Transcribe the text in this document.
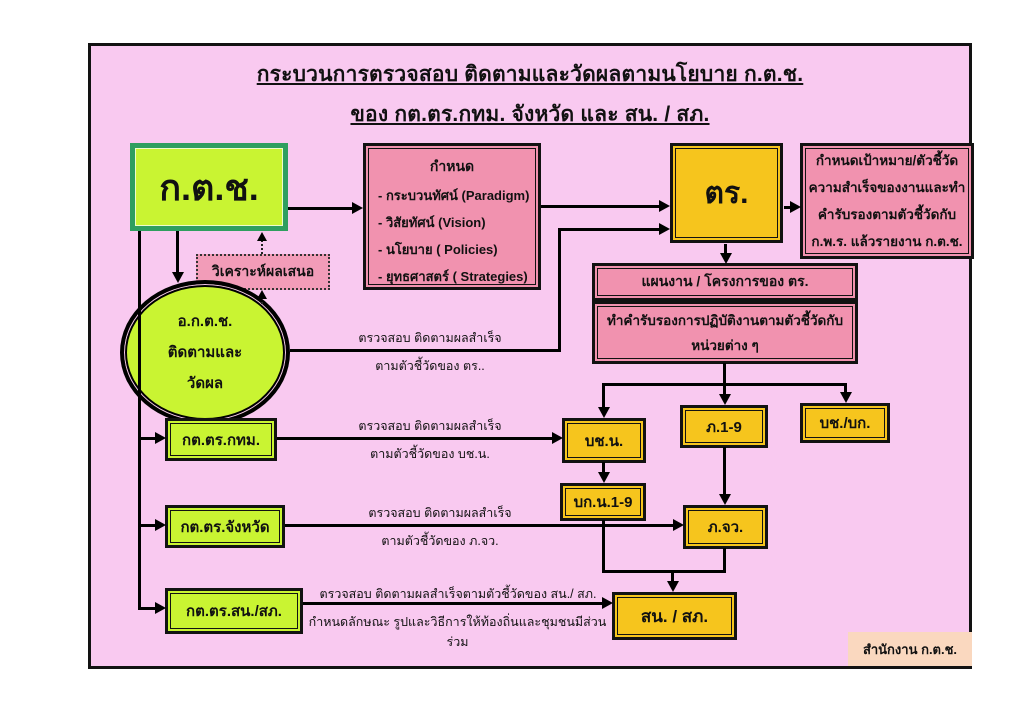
กระบวนการตรวจสอบ ติดตามและวัดผลตามนโยบาย ก.ต.ช.
ของ กต.ตร.กทม. จังหวัด และ สน. / สภ.
ก.ต.ช.
กำหนด
- กระบวนทัศน์ (Paradigm)
- วิสัยทัศน์ (Vision)
- นโยบาย ( Policies)
- ยุทธศาสตร์ ( Strategies)
ตร.
กำหนดเป้าหมาย/ตัวชี้วัด
ความสำเร็จของงานและทำ
คำรับรองตามตัวชี้วัดกับ
ก.พ.ร. แล้วรายงาน ก.ต.ช.
วิเคราะห์ผลเสนอ
อ.ก.ต.ช.
ติดตามและ
วัดผล
แผนงาน / โครงการของ ตร.
ทำคำรับรองการปฏิบัติงานตามตัวชี้วัดกับ
หน่วยต่าง ๆ
บช.น.
ภ.1-9	บช./บก.
บก.น.1-9
ภ.จว.
สน. / สภ.
กต.ตร.กทม.
กต.ตร.จังหวัด
กต.ตร.สน./สภ.
ตรวจสอบ ติดตามผลสำเร็จ
ตามตัวชี้วัดของ ตร..
ตรวจสอบ ติดตามผลสำเร็จ
ตามตัวชี้วัดของ บช.น.
ตรวจสอบ ติดตามผลสำเร็จ
ตามตัวชี้วัดของ ภ.จว.
ตรวจสอบ ติดตามผลสำเร็จตามตัวชี้วัดของ สน./ สภ.
กำหนดลักษณะ รูปและวิธีการให้ท้องถิ่นและชุมชนมีส่วนร่วม	สำนักงาน ก.ต.ช.
